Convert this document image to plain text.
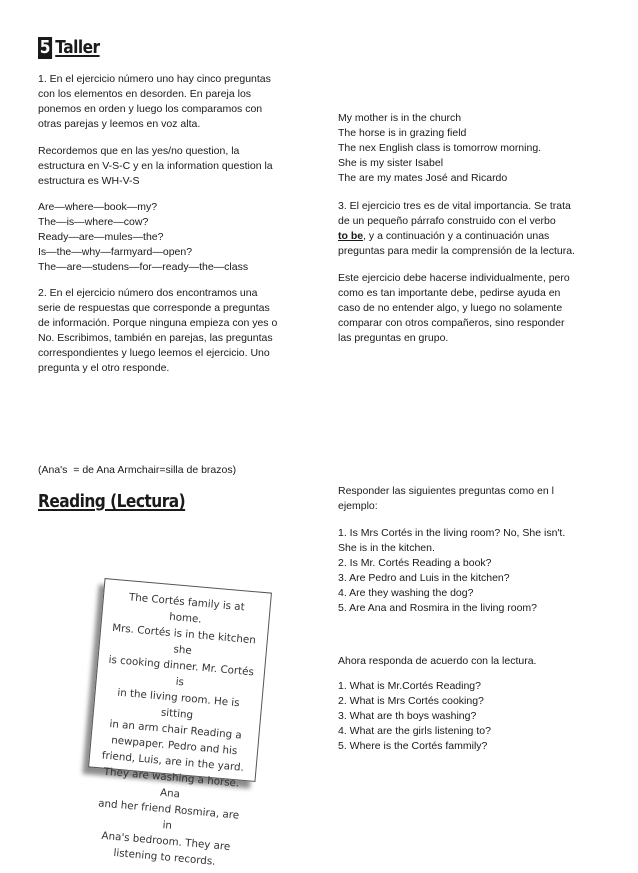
5 Taller

1. En el ejercicio número uno hay cinco preguntas
con los elementos en desorden. En pareja los
ponemos en orden y luego los comparamos con
otras parejas y leemos en voz alta.

Recordemos que en las yes/no question, la
estructura en V-S-C y en la information question la
estructura es WH-V-S

Are—where—book—my?
The—is—where—cow?
Ready—are—mules—the?
Is—the—why—farmyard—open?
The—are—studens—for—ready—the—class

2. En el ejercicio número dos encontramos una
serie de respuestas que corresponde a preguntas
de información. Porque ninguna empieza con yes o
No. Escribimos, también en parejas, las preguntas
correspondientes y luego leemos el ejercicio. Uno
pregunta y el otro responde.

My mother is in the church
The horse is in grazing field
The nex English class is tomorrow morning.
She is my sister Isabel
The are my mates José and Ricardo

3. El ejercicio tres es de vital importancia. Se trata
de un pequeño párrafo construido con el verbo
to be, y a continuación y a continuación unas
preguntas para medir la comprensión de la lectura.

Este ejercicio debe hacerse individualmente, pero
como es tan importante debe, pedirse ayuda en
caso de no entender algo, y luego no solamente
comparar con otros compañeros, sino responder
las preguntas en grupo.

(Ana's  = de Ana Armchair=silla de brazos)

Reading (Lectura)

The Cortés family is at home.
Mrs. Cortés is in the kitchen she
is cooking dinner. Mr. Cortés is
in the living room. He is sitting
in an arm chair Reading a
newpaper. Pedro and his
friend, Luis, are in the yard.
They are washing a horse. Ana
and her friend Rosmira, are in
Ana's bedroom. They are
listening to records.

Responder las siguientes preguntas como en l
ejemplo:

1. Is Mrs Cortés in the living room? No, She isn't.
She is in the kitchen.
2. Is Mr. Cortés Reading a book?
3. Are Pedro and Luis in the kitchen?
4. Are they washing the dog?
5. Are Ana and Rosmira in the living room?

Ahora responda de acuerdo con la lectura.

1. What is Mr.Cortés Reading?
2. What is Mrs Cortés cooking?
3. What are th boys washing?
4. What are the girls listening to?
5. Where is the Cortés fammily?
